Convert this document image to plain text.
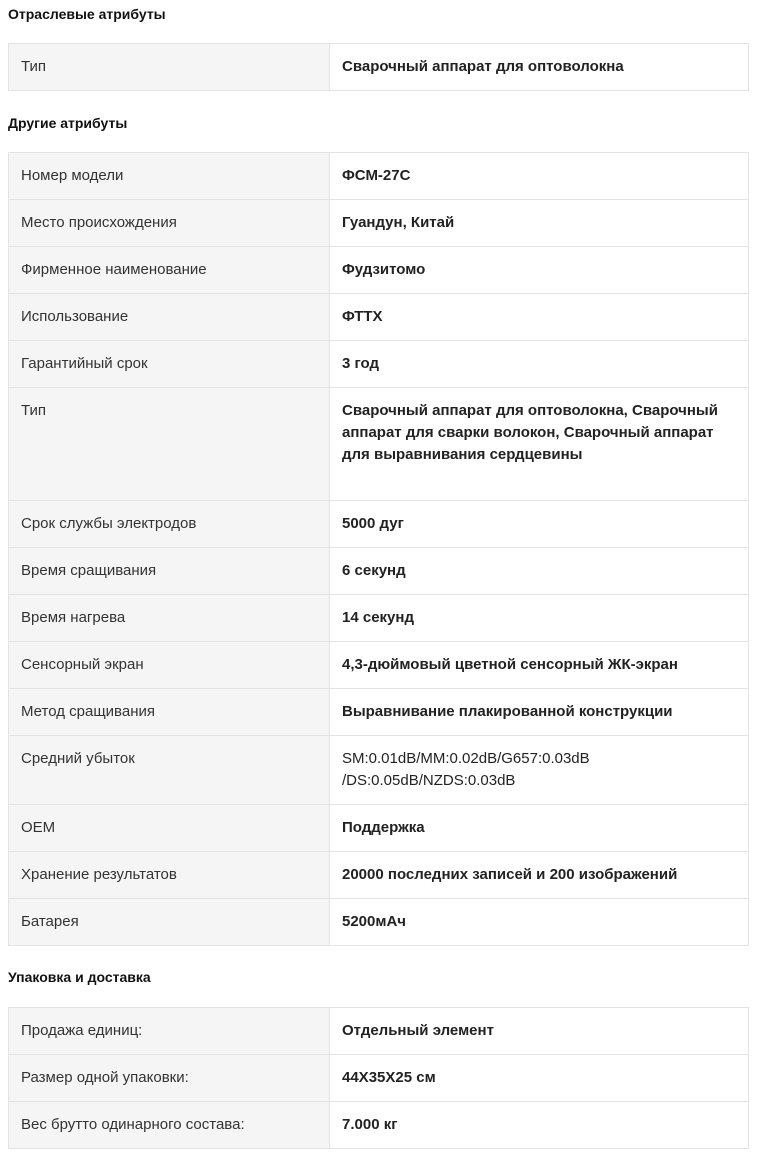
Отраслевые атрибуты
Тип	Сварочный аппарат для оптоволокна
Другие атрибуты
Номер модели	ФСМ-27С
Место происхождения	Гуандун, Китай
Фирменное наименование	Фудзитомо
Использование	ФТТХ
Гарантийный срок	3 год
Тип	Сварочный аппарат для оптоволокна, Сварочный аппарат для сварки волокон, Сварочный аппарат для выравнивания сердцевины
Срок службы электродов	5000 дуг
Время сращивания	6 секунд
Время нагрева	14 секунд
Сенсорный экран	4,3-дюймовый цветной сенсорный ЖК-экран
Метод сращивания	Выравнивание плакированной конструкции
Средний убыток	SM:0.01dB/MM:0.02dB/G657:0.03dB /DS:0.05dB/NZDS:0.03dB
OEM	Поддержка
Хранение результатов	20000 последних записей и 200 изображений
Батарея	5200мАч
Упаковка и доставка
Продажа единиц:	Отдельный элемент
Размер одной упаковки:	44X35X25 см
Вес брутто одинарного состава:	7.000 кг
